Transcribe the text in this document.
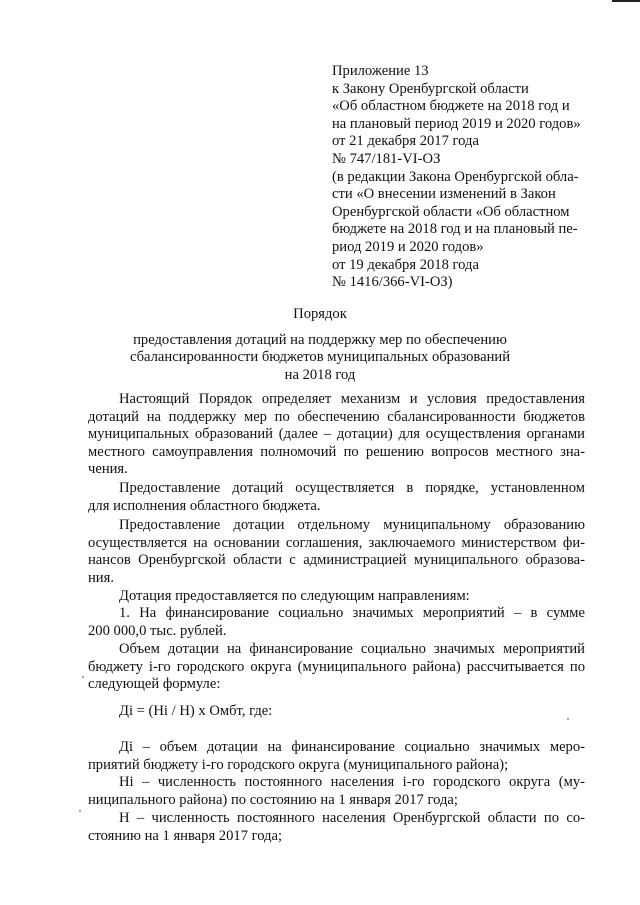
Приложение 13
к Закону Оренбургской области
«Об областном бюджете на 2018 год и
на плановый период 2019 и 2020 годов»
от 21 декабря 2017 года
№ 747/181-VI-ОЗ
(в редакции Закона Оренбургской обла-
сти «О внесении изменений в Закон
Оренбургской области «Об областном
бюджете на 2018 год и на плановый пе-
риод 2019 и 2020 годов»
от 19 декабря 2018 года
№ 1416/366-VI-ОЗ)
Порядок
предоставления дотаций на поддержку мер по обеспечению
сбалансированности бюджетов муниципальных образований
на 2018 год
Настоящий Порядок определяет механизм и условия предоставления
дотаций на поддержку мер по обеспечению сбалансированности бюджетов
муниципальных образований (далее – дотации) для осуществления органами
местного самоуправления полномочий по решению вопросов местного зна-
чения.
Предоставление дотаций осуществляется в порядке, установленном
для исполнения областного бюджета.
Предоставление дотации отдельному муниципальному образованию
осуществляется на основании соглашения, заключаемого министерством фи-
нансов Оренбургской области с администрацией муниципального образова-
ния.
Дотация предоставляется по следующим направлениям:
1. На финансирование социально значимых мероприятий – в сумме
200 000,0 тыс. рублей.
Объем дотации на финансирование социально значимых мероприятий
бюджету i-го городского округа (муниципального района) рассчитывается по
следующей формуле:
Дi = (Нi / Н) x Омбт, где:
Дi – объем дотации на финансирование социально значимых меро-
приятий бюджету i-го городского округа (муниципального района);
Нi – численность постоянного населения i-го городского округа (му-
ниципального района) по состоянию на 1 января 2017 года;
Н – численность постоянного населения Оренбургской области по со-
стоянию на 1 января 2017 года;
